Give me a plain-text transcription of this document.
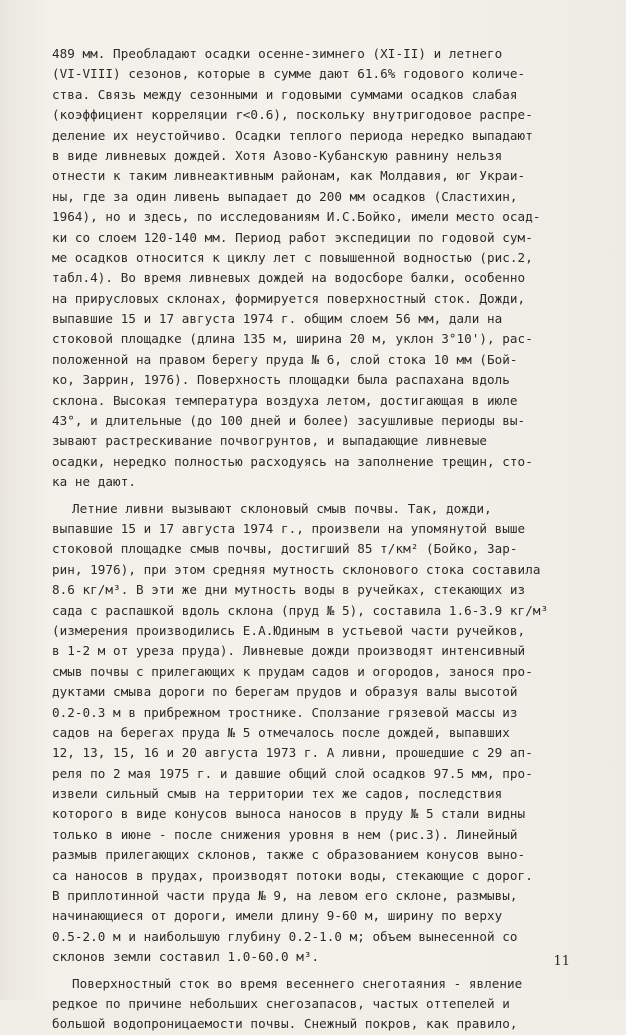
489 мм. Преобладают осадки осенне-зимнего (XI-II) и летнего
(VI-VIII) сезонов, которые в сумме дают 61.6% годового количе-
ства. Связь между сезонными и годовыми суммами осадков слабая
(коэффициент корреляции r<0.6), поскольку внутригодовое распре-
деление их неустойчиво. Осадки теплого периода нередко выпадают
в виде ливневых дождей. Хотя Азово-Кубанскую равнину нельзя
отнести к таким ливнеактивным районам, как Молдавия, юг Украи-
ны, где за один ливень выпадает до 200 мм осадков (Сластихин,
1964), но и здесь, по исследованиям И.С.Бойко, имели место осад-
ки со слоем 120-140 мм. Период работ экспедиции по годовой сум-
ме осадков относится к циклу лет с повышенной водностью (рис.2,
табл.4). Во время ливневых дождей на водосборе балки, особенно
на прирусловых склонах, формируется поверхностный сток. Дожди,
выпавшие 15 и 17 августа 1974 г. общим слоем 56 мм, дали на
стоковой площадке (длина 135 м, ширина 20 м, уклон 3°10'), рас-
положенной на правом берегу пруда № 6, слой стока 10 мм (Бой-
ко, Заррин, 1976). Поверхность площадки была распахана вдоль
склона. Высокая температура воздуха летом, достигающая в июле
43°, и длительные (до 100 дней и более) засушливые периоды вы-
зывают растрескивание почвогрунтов, и выпадающие ливневые
осадки, нередко полностью расходуясь на заполнение трещин, сто-
ка не дают.
Летние ливни вызывают склоновый смыв почвы. Так, дожди,
выпавшие 15 и 17 августа 1974 г., произвели на упомянутой выше
стоковой площадке смыв почвы, достигший 85 т/км² (Бойко, Зар-
рин, 1976), при этом средняя мутность склонового стока составила
8.6 кг/м³. В эти же дни мутность воды в ручейках, стекающих из
сада с распашкой вдоль склона (пруд № 5), составила 1.6-3.9 кг/м³
(измерения производились Е.А.Юдиным в устьевой части ручейков,
в 1-2 м от уреза пруда). Ливневые дожди производят интенсивный
смыв почвы с прилегающих к прудам садов и огородов, занося про-
дуктами смыва дороги по берегам прудов и образуя валы высотой
0.2-0.3 м в прибрежном тростнике. Сползание грязевой массы из
садов на берегах пруда № 5 отмечалось после дождей, выпавших
12, 13, 15, 16 и 20 августа 1973 г. А ливни, прошедшие с 29 ап-
реля по 2 мая 1975 г. и давшие общий слой осадков 97.5 мм, про-
извели сильный смыв на территории тех же садов, последствия
которого в виде конусов выноса наносов в пруду № 5 стали видны
только в июне - после снижения уровня в нем (рис.3). Линейный
размыв прилегающих склонов, также с образованием конусов выно-
са наносов в прудах, производят потоки воды, стекающие с дорог.
В приплотинной части пруда № 9, на левом его склоне, размывы,
начинающиеся от дороги, имели длину 9-60 м, ширину по верху
0.5-2.0 м и наибольшую глубину 0.2-1.0 м; объем вынесенной со
склонов земли составил 1.0-60.0 м³.
Поверхностный сток во время весеннего снеготаяния - явление
редкое по причине небольших снегозапасов, частых оттепелей и
большой водопроницаемости почвы. Снежный покров, как правило,
11
